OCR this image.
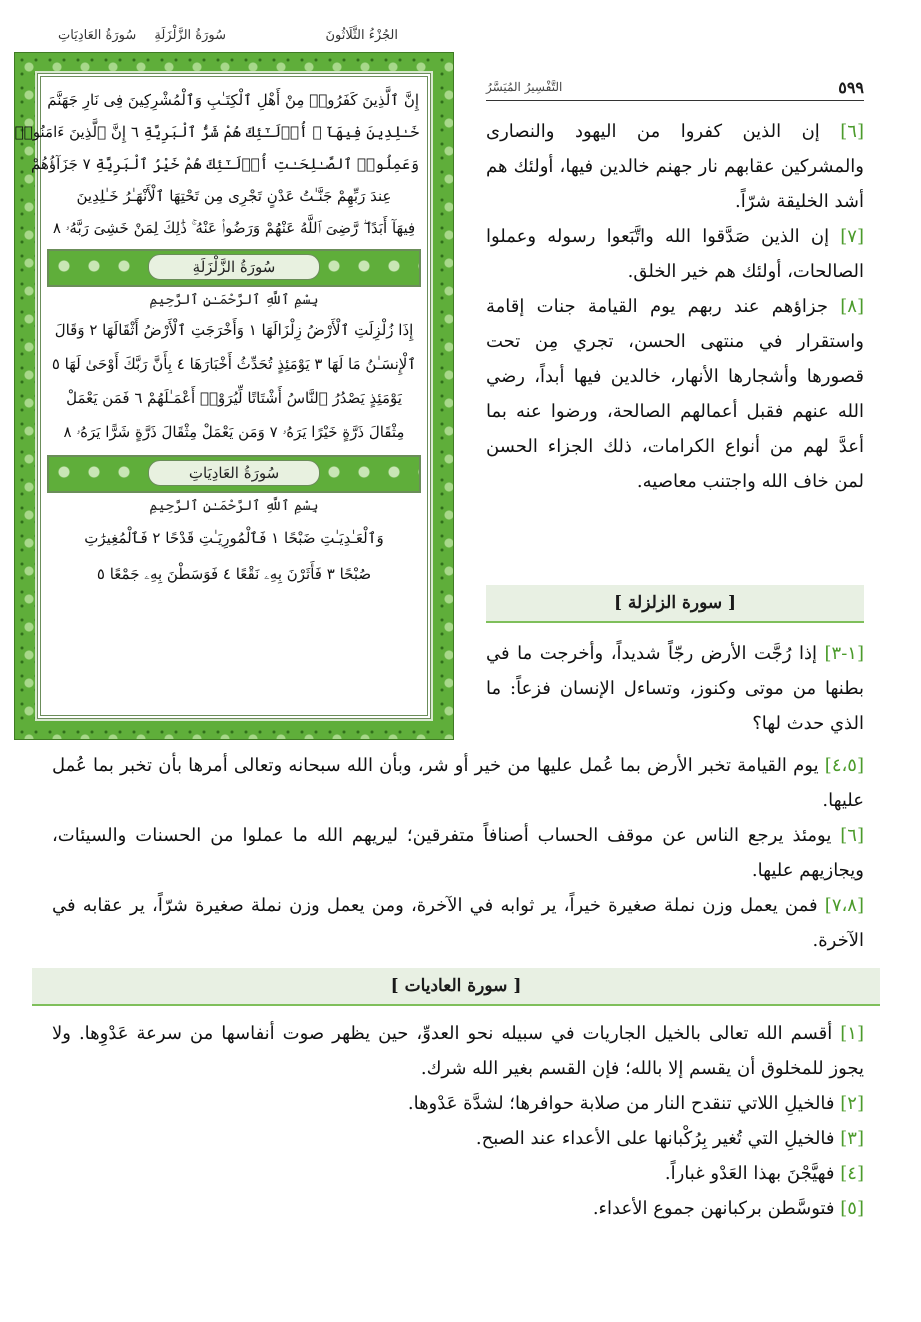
الجُزْءُ الثَّلَاثُونَ
سُورَةُ الزَّلْزَلَةِ
سُورَةُ العَادِيَاتِ
إِنَّ ٱلَّذِينَ كَفَرُوا۟ مِنْ أَهْلِ ٱلْكِتَـٰبِ وَٱلْمُشْرِكِينَ فِى نَارِ جَهَنَّمَ
خَـٰلِدِينَ فِيهَآ ۚ أُو۟لَـٰٓئِكَ هُمْ شَرُّ ٱلْبَرِيَّةِ ٦ إِنَّ ٱلَّذِينَ ءَامَنُوا۟
وَعَمِلُوا۟ ٱلصَّـٰلِحَـٰتِ أُو۟لَـٰٓئِكَ هُمْ خَيْرُ ٱلْبَرِيَّةِ ٧ جَزَآؤُهُمْ
عِندَ رَبِّهِمْ جَنَّـٰتُ عَدْنٍ تَجْرِى مِن تَحْتِهَا ٱلْأَنْهَـٰرُ خَـٰلِدِينَ
فِيهَآ أَبَدًا ۖ رَّضِىَ ٱللَّهُ عَنْهُمْ وَرَضُوا۟ عَنْهُ ۚ ذَٰلِكَ لِمَنْ خَشِىَ رَبَّهُۥ ٨
سُورَةُ الزَّلْزَلَةِ
بِسْمِ ٱللَّهِ ٱلرَّحْمَـٰنِ ٱلرَّحِيمِ
إِذَا زُلْزِلَتِ ٱلْأَرْضُ زِلْزَالَهَا ١ وَأَخْرَجَتِ ٱلْأَرْضُ أَثْقَالَهَا ٢ وَقَالَ
ٱلْإِنسَـٰنُ مَا لَهَا ٣ يَوْمَئِذٍ تُحَدِّثُ أَخْبَارَهَا ٤ بِأَنَّ رَبَّكَ أَوْحَىٰ لَهَا ٥
يَوْمَئِذٍ يَصْدُرُ ٱلنَّاسُ أَشْتَاتًا لِّيُرَوْا۟ أَعْمَـٰلَهُمْ ٦ فَمَن يَعْمَلْ
مِثْقَالَ ذَرَّةٍ خَيْرًا يَرَهُۥ ٧ وَمَن يَعْمَلْ مِثْقَالَ ذَرَّةٍ شَرًّا يَرَهُۥ ٨
سُورَةُ العَادِيَاتِ
بِسْمِ ٱللَّهِ ٱلرَّحْمَـٰنِ ٱلرَّحِيمِ
وَٱلْعَـٰدِيَـٰتِ ضَبْحًا ١ فَٱلْمُورِيَـٰتِ قَدْحًا ٢ فَٱلْمُغِيرَٰتِ
صُبْحًا ٣ فَأَثَرْنَ بِهِۦ نَقْعًا ٤ فَوَسَطْنَ بِهِۦ جَمْعًا ٥
٥٩٩
التَّفْسِيرُ المُيَسَّرُ

[٦] إن الذين كفروا من اليهود والنصارى والمشركين عقابهم نار جهنم خالدين فيها، أولئك هم أشد الخليقة شرّاً.

[٧] إن الذين صَدَّقوا الله واتَّبَعوا رسوله وعملوا الصالحات، أولئك هم خير الخلق.

[٨] جزاؤهم عند ربهم يوم القيامة جنات إقامة واستقرار في منتهى الحسن، تجري مِن تحت قصورها وأشجارها الأنهار، خالدين فيها أبداً، رضي الله عنهم فقبل أعمالهم الصالحة، ورضوا عنه بما أعدَّ لهم من أنواع الكرامات، ذلك الجزاء الحسن لمن خاف الله واجتنب معاصيه.

[ سورة الزلزلة ]

[١-٣] إذا رُجَّت الأرض رجّاً شديداً، وأخرجت ما في بطنها من موتى وكنوز، وتساءل الإنسان فزعاً: ما الذي حدث لها؟

[٤،٥] يوم القيامة تخبر الأرض بما عُمل عليها من خير أو شر، وبأن الله سبحانه وتعالى أمرها بأن تخبر بما عُمل عليها.

[٦] يومئذ يرجع الناس عن موقف الحساب أصنافاً متفرقين؛ ليريهم الله ما عملوا من الحسنات والسيئات، ويجازيهم عليها.

[٧،٨] فمن يعمل وزن نملة صغيرة خيراً، ير ثوابه في الآخرة، ومن يعمل وزن نملة صغيرة شرّاً، ير عقابه في الآخرة.

[ سورة العاديات ]

[١] أقسم الله تعالى بالخيل الجاريات في سبيله نحو العدوِّ، حين يظهر صوت أنفاسها من سرعة عَدْوِها. ولا يجوز للمخلوق أن يقسم إلا بالله؛ فإن القسم بغير الله شرك.

[٢] فالخيلِ اللاتي تنقدح النار من صلابة حوافرها؛ لشدَّة عَدْوها.

[٣] فالخيلِ التي تُغير بِرُكْبانها على الأعداء عند الصبح.

[٤] فهيَّجْنَ بهذا العَدْو غباراً.

[٥] فتوسَّطن بركبانهن جموع الأعداء.
